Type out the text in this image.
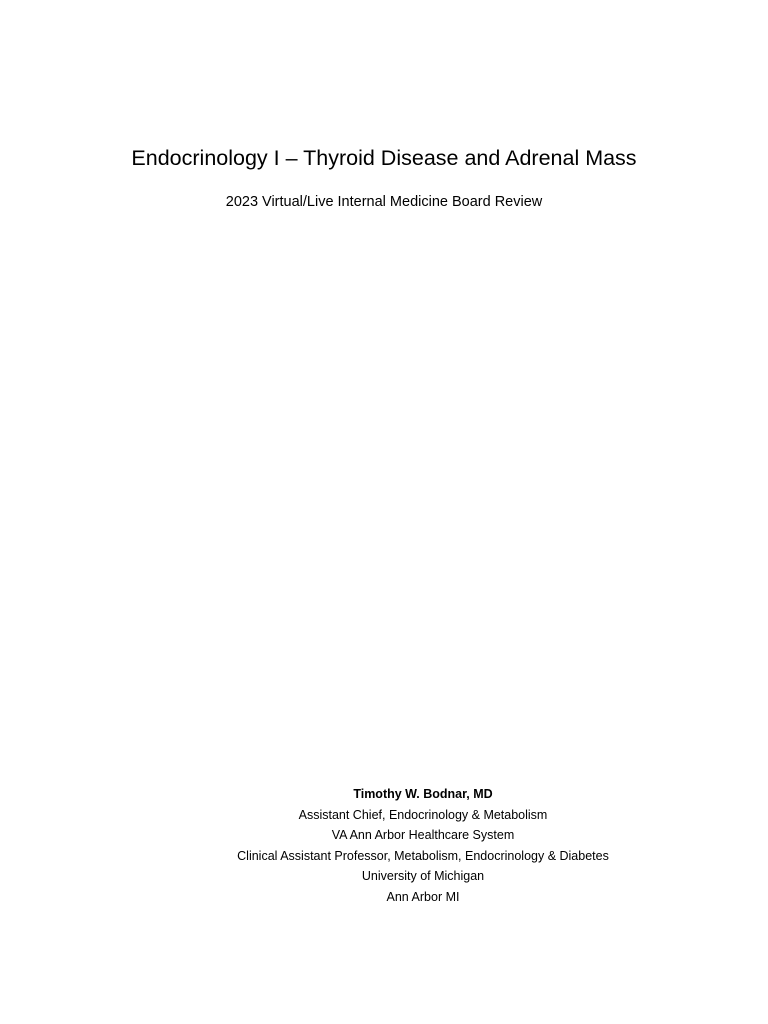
Endocrinology I – Thyroid Disease and Adrenal Mass
2023 Virtual/Live Internal Medicine Board Review
Timothy W. Bodnar, MD
Assistant Chief, Endocrinology & Metabolism
VA Ann Arbor Healthcare System
Clinical Assistant Professor, Metabolism, Endocrinology & Diabetes
University of Michigan
Ann Arbor MI
